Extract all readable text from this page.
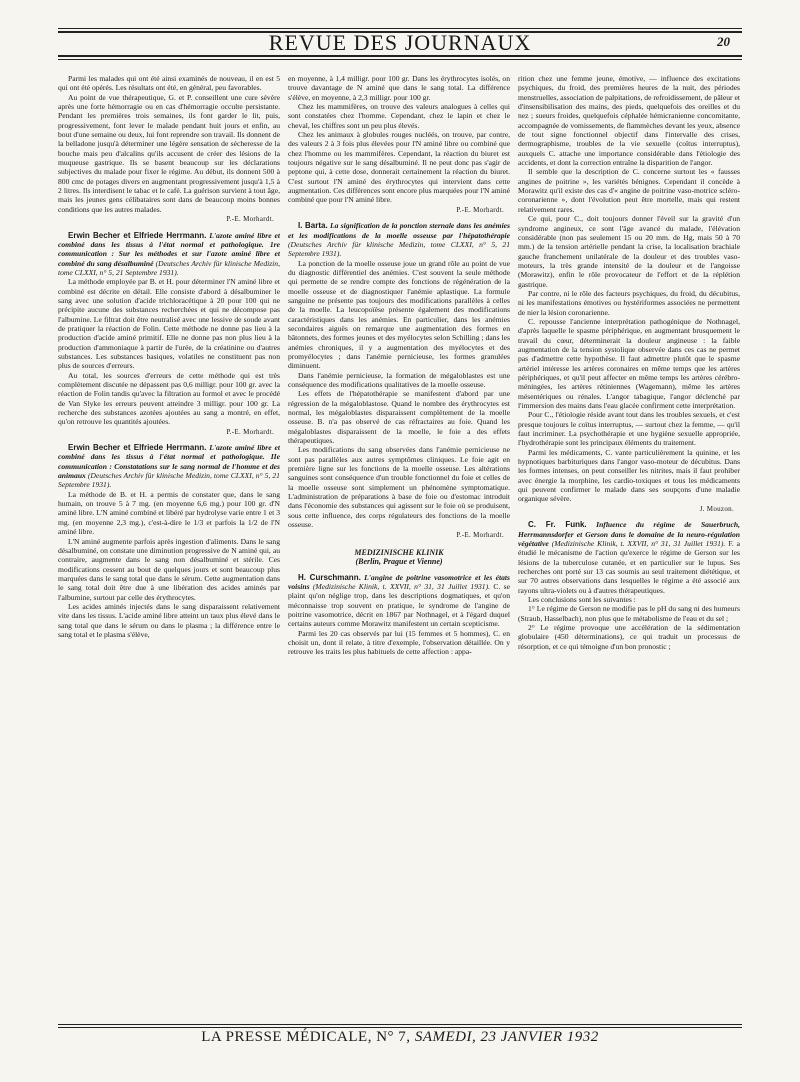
REVUE DES JOURNAUX	20

Parmi les malades qui ont été ainsi examinés de nouveau, il en est 5 qui ont été opérés. Les résultats ont été, en général, peu favorables.

Au point de vue thérapeutique, G. et P. conseillent une cure sévère après une forte hémorragie ou en cas d'hémorragie occulte persistante. Pendant les premières trois semaines, ils font garder le lit, puis, progressivement, font lever le malade pendant huit jours et enfin, au bout d'une semaine ou deux, lui font reprendre son travail. Ils donnent de la belladone jusqu'à déterminer une légère sensation de sécheresse de la bouche mais peu d'alcalins qu'ils accusent de créer des lésions de la muqueuse gastrique. Ils se basent beaucoup sur les déclarations subjectives du malade pour fixer le régime. Au début, ils donnent 500 à 800 cmc de potages divers en augmentant progressivement jusqu'à 1,5 à 2 litres. Ils interdisent le tabac et le café. La guérison survient à tout âge, mais les jeunes gens célibataires sont dans de beaucoup moins bonnes conditions que les autres malades.

P.-E. Morhardt.

Erwin Becher et Elfriede Herrmann. L'azote aminé libre et combiné dans les tissus à l'état normal et pathologique. 1re communication : Sur les méthodes et sur l'azote aminé libre et combiné du sang désalbuminé (Deutsches Archiv für klinische Medizin, tome CLXXI, n° 5, 21 Septembre 1931).

La méthode employée par B. et H. pour déterminer l'N aminé libre et combiné est décrite en détail. Elle consiste d'abord à désalbuminer le sang avec une solution d'acide trichloracétique à 20 pour 100 qui ne précipite aucune des substances recherchées et qui ne décompose pas l'albumine. Le filtrat doit être neutralisé avec une lessive de soude avant de pratiquer la réaction de Folin. Cette méthode ne donne pas lieu à la production d'acide aminé primitif. Elle ne donne pas non plus lieu à la production d'ammoniaque à partir de l'urée, de la créatinine ou d'autres substances. Les substances basiques, volatiles ne constituent pas non plus de sources d'erreurs.

Au total, les sources d'erreurs de cette méthode qui est très complètement discutée ne dépassent pas 0,6 milligr. pour 100 gr. avec la réaction de Folin tandis qu'avec la filtration au formol et avec le procédé de Van Slyke les erreurs peuvent atteindre 3 milligr. pour 100 gr. La recherche des substances azotées ajoutées au sang a montré, en effet, qu'on retrouve les quantités ajoutées.

P.-E. Morhardt.

Erwin Becher et Elfriede Herrmann. L'azote aminé libre et combiné dans les tissus à l'état normal et pathologique. IIe communication : Constatations sur le sang normal de l'homme et des animaux (Deutsches Archiv für klinische Medizin, tome CLXXI, n° 5, 21 Septembre 1931).

La méthode de B. et H. a permis de constater que, dans le sang humain, on trouve 5 à 7 mg. (en moyenne 6,6 mg.) pour 100 gr. d'N aminé libre. L'N aminé combiné et libéré par hydrolyse varie entre 1 et 3 mg. (en moyenne 2,3 mg.), c'est-à-dire le 1/3 et parfois la 1/2 de l'N aminé libre.

L'N aminé augmente parfois après ingestion d'aliments. Dans le sang désalbuminé, on constate une diminution progressive de N aminé qui, au contraire, augmente dans le sang non désalbuminé et stérile. Ces modifications cessent au bout de quelques jours et sont beaucoup plus marquées dans le sang total que dans le sérum. Cette augmentation dans le sang total doit être due à une libération des acides aminés par l'albumine, surtout par celle des érythrocytes.

Les acides aminés injectés dans le sang disparaissent relativement vite dans les tissus. L'acide aminé libre atteint un taux plus élevé dans le sang total que dans le sérum ou dans le plasma ; la différence entre le sang total et le plasma s'élève,

en moyenne, à 1,4 milligr. pour 100 gr. Dans les érythrocytes isolés, on trouve davantage de N aminé que dans le sang total. La différence s'élève, en moyenne, à 2,3 milligr. pour 100 gr.

Chez les mammifères, on trouve des valeurs analogues à celles qui sont constatées chez l'homme. Cependant, chez le lapin et chez le cheval, les chiffres sont un peu plus élevés.

Chez les animaux à globules rouges nucléés, on trouve, par contre, des valeurs 2 à 3 fois plus élevées pour l'N aminé libre ou combiné que chez l'homme ou les mammifères. Cependant, la réaction du biuret est toujours négative sur le sang désalbuminé. Il ne peut donc pas s'agir de peptone qui, à cette dose, donnerait certainement la réaction du biuret. C'est surtout l'N aminé des érythrocytes qui intervient dans cette augmentation. Ces différences sont encore plus marquées pour l'N aminé combiné que pour l'N aminé libre.

P.-E. Morhardt.

I. Barta. La signification de la ponction sternale dans les anémies et les modifications de la moelle osseuse par l'hépatothérapie (Deutsches Archiv für klinische Medizin, tome CLXXI, n° 5, 21 Septembre 1931).

La ponction de la moelle osseuse joue un grand rôle au point de vue du diagnostic différentiel des anémies. C'est souvent la seule méthode qui permette de se rendre compte des fonctions de régénération de la moelle osseuse et de diagnostiquer l'anémie aplastique. La formule sanguine ne présente pas toujours des modifications parallèles à celles de la moelle. La leucopoïèse présente également des modifications caractéristiques dans les anémies. En particulier, dans les anémies secondaires aiguës on remarque une augmentation des formes en bâtonnets, des formes jeunes et des myélocytes selon Schilling ; dans les anémies chroniques, il y a augmentation des myélocytes et des promyélocytes ; dans l'anémie pernicieuse, les formes granulées diminuent.

Dans l'anémie pernicieuse, la formation de mégaloblastes est une conséquence des modifications qualitatives de la moelle osseuse.

Les effets de l'hépatothérapie se manifestent d'abord par une régression de la mégaloblastose. Quand le nombre des érythrocytes est normal, les mégaloblastes disparaissent complètement de la moelle osseuse. B. n'a pas observé de cas réfractaires au foie. Quand les mégaloblastes disparaissent de la moelle, le foie a des effets thérapeutiques.

Les modifications du sang observées dans l'anémie pernicieuse ne sont pas parallèles aux autres symptômes cliniques. Le foie agit en première ligne sur les fonctions de la moelle osseuse. Les altérations sanguines sont conséquence d'un trouble fonctionnel du foie et celles de la moelle osseuse sont simplement un phénomène symptomatique. L'administration de préparations à base de foie ou d'estomac introduit dans l'économie des substances qui agissent sur le foie où se produisent, sous cette influence, des corps régulateurs des fonctions de la moelle osseuse.

P.-E. Morhardt.
MEDIZINISCHE KLINIK
(Berlin, Prague et Vienne)

H. Curschmann. L'angine de poitrine vasomotrice et les états voisins (Medizinische Klinik, t. XXVII, n° 31, 31 Juillet 1931). C. se plaint qu'on néglige trop, dans les descriptions dogmatiques, et qu'on méconnaisse trop souvent en pratique, le syndrome de l'angine de poitrine vasomotrice, décrit en 1867 par Nothnagel, et à l'égard duquel certains auteurs comme Morawitz manifestent un certain scepticisme.

Parmi les 20 cas observés par lui (15 femmes et 5 hommes), C. en choisit un, dont il relate, à titre d'exemple, l'observation détaillée. On y retrouve les traits les plus habituels de cette affection : appa-

rition chez une femme jeune, émotive, — influence des excitations psychiques, du froid, des premières heures de la nuit, des périodes menstruelles, association de palpitations, de refroidissement, de pâleur et d'insensibilisation des mains, des pieds, quelquefois des oreilles et du nez ; sueurs froides, quelquefois céphalée hémicranienne concomitante, accompagnée de vomissements, de flammèches devant les yeux, absence de tout signe fonctionnel objectif dans l'intervalle des crises, dermographisme, troubles de la vie sexuelle (coïtus interruptus), auxquels C. attache une importance considérable dans l'étiologie des accidents, et dont la correction entraîne la disparition de l'angor.

Il semble que la description de C. concerne surtout les « fausses angines de poitrine », les variétés bénignes. Cependant il concède à Morawitz qu'il existe des cas d'« angine de poitrine vaso-motrice scléro-coronarienne », dont l'évolution peut être mortelle, mais qui restent relativement rares.

Ce qui, pour C., doit toujours donner l'éveil sur la gravité d'un syndrome angineux, ce sont l'âge avancé du malade, l'élévation considérable (non pas seulement 15 ou 20 mm. de Hg, mais 50 à 70 mm.) de la tension artérielle pendant la crise, la localisation brachiale gauche franchement unilatérale de la douleur et des troubles vaso-moteurs, la très grande intensité de la douleur et de l'angoisse (Morawitz), enfin le rôle provocateur de l'effort et de la réplétion gastrique.

Par contre, ni le rôle des facteurs psychiques, du froid, du décubitus, ni les manifestations émotives ou hystériformes associées ne permettent de nier la lésion coronarienne.

C. repousse l'ancienne interprétation pathogénique de Nothnagel, d'après laquelle le spasme périphérique, en augmentant brusquement le travail du cœur, déterminerait la douleur angineuse : la faible augmentation de la tension systolique observée dans ces cas ne permet pas d'admettre cette hypothèse. Il faut admettre plutôt que le spasme artériel intéresse les artères coronaires en même temps que les artères périphériques, et qu'il peut affecter en même temps les artères cérébro-méningées, les artères rétiniennes (Wagemann), même les artères mésentériques ou rénales. L'angor tabagique, l'angor déclenché par l'immersion des mains dans l'eau glacée confirment cette interprétation.

Pour C., l'étiologie réside avant tout dans les troubles sexuels, et c'est presque toujours le coïtus interruptus, — surtout chez la femme, — qu'il faut incriminer. La psychothérapie et une hygiène sexuelle appropriée, l'hydrothérapie sont les principaux éléments du traitement.

Parmi les médicaments, C. vante particulièrement la quinine, et les hypnotiques barbituriques dans l'angor vaso-moteur de décubitus. Dans les formes intenses, on peut conseiller les nitrites, mais il faut prohiber avec énergie la morphine, les cardio-toxiques et tous les médicaments qui peuvent confirmer le malade dans ses soupçons d'une maladie organique sévère.

J. Mouzon.

C. Fr. Funk. Influence du régime de Sauerbruch, Herrmannsdorfer et Gerson dans le domaine de la neuro-régulation végétative (Medizinische Klinik, t. XXVII, n° 31, 31 Juillet 1931). F. a étudié le mécanisme de l'action qu'exerce le régime de Gerson sur les lésions de la tuberculose cutanée, et en particulier sur le lupus. Ses recherches ont porté sur 13 cas soumis au seul traitement diététique, et sur 70 autres observations dans lesquelles le régime a été associé aux rayons ultra-violets ou à d'autres thérapeutiques.

Les conclusions sont les suivantes :

1° Le régime de Gerson ne modifie pas le pH du sang ni des humeurs (Straub, Hasselbach), non plus que le métabolisme de l'eau et du sel ;

2° Le régime provoque une accélération de la sédimentation globulaire (450 déterminations), ce qui traduit un processus de résorption, et ce qui témoigne d'un bon pronostic ;

LA PRESSE MÉDICALE, N° 7, SAMEDI, 23 JANVIER 1932
